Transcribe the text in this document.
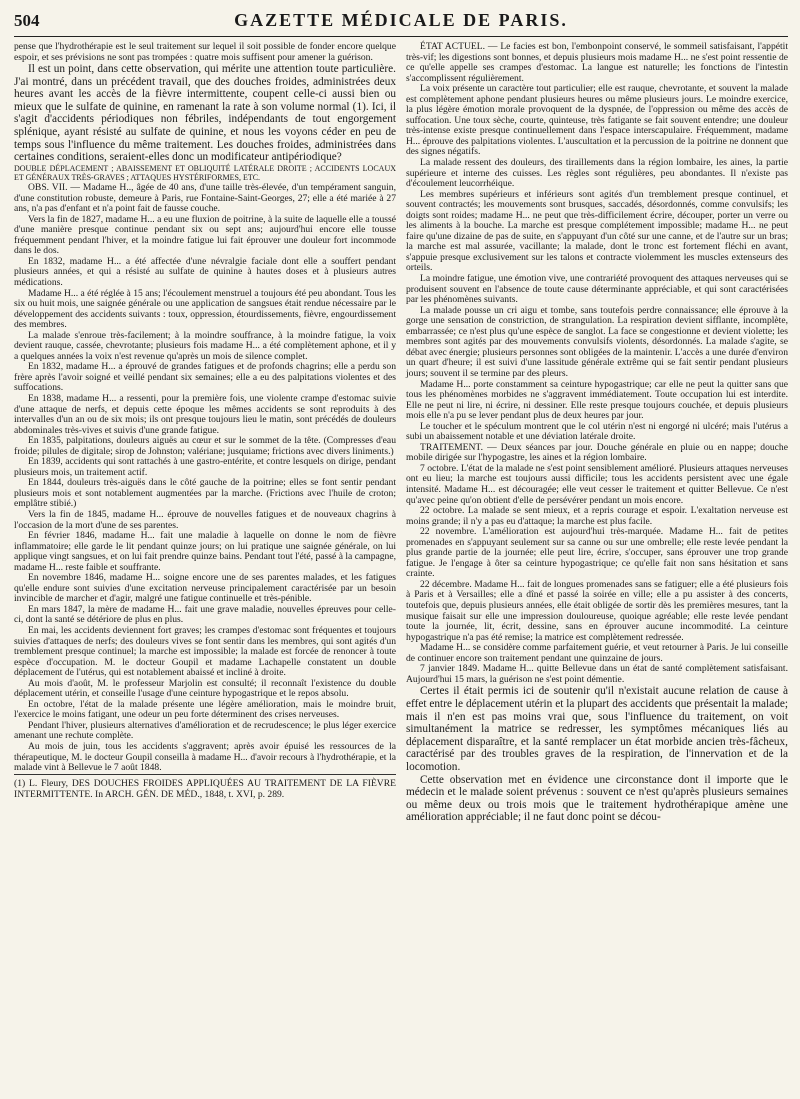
504	GAZETTE MÉDICALE DE PARIS.

pense que l'hydrothérapie est le seul traitement sur lequel il soit possible de fonder encore quelque espoir, et ses prévisions ne sont pas trompées : quatre mois suffisent pour amener la guérison.

Il est un point, dans cette observation, qui mérite une attention toute particulière. J'ai montré, dans un précédent travail, que des douches froides, administrées deux heures avant les accès de la fièvre intermittente, coupent celle-ci aussi bien ou mieux que le sulfate de quinine, en ramenant la rate à son volume normal (1). Ici, il s'agit d'accidents périodiques non fébriles, indépendants de tout engorgement splénique, ayant résisté au sulfate de quinine, et nous les voyons céder en peu de temps sous l'influence du même traitement. Les douches froides, administrées dans certaines conditions, seraient-elles donc un modificateur antipériodique?

DOUBLE DÉPLACEMENT ; ABAISSEMENT ET OBLIQUITÉ LATÉRALE DROITE ; ACCIDENTS LOCAUX ET GÉNÉRAUX TRÈS-GRAVES ; ATTAQUES HYSTÉRIFORMES, ETC.

OBS. VII. — Madame H.., âgée de 40 ans, d'une taille très-élevée, d'un tempérament sanguin, d'une constitution robuste, demeure à Paris, rue Fontaine-Saint-Georges, 27; elle a été mariée à 27 ans, n'a pas d'enfant et n'a point fait de fausse couche.

Vers la fin de 1827, madame H... a eu une fluxion de poitrine, à la suite de laquelle elle a toussé d'une manière presque continue pendant six ou sept ans; aujourd'hui encore elle tousse fréquemment pendant l'hiver, et la moindre fatigue lui fait éprouver une douleur fort incommode dans le dos.

En 1832, madame H... a été affectée d'une névralgie faciale dont elle a souffert pendant plusieurs années, et qui a résisté au sulfate de quinine à hautes doses et à plusieurs autres médications.

Madame H... a été réglée à 15 ans; l'écoulement menstruel a toujours été peu abondant. Tous les six ou huit mois, une saignée générale ou une application de sangsues était rendue nécessaire par le développement des accidents suivants : toux, oppression, étourdissements, fièvre, engourdissement des membres.

La malade s'enroue très-facilement; à la moindre souffrance, à la moindre fatigue, la voix devient rauque, cassée, chevrotante; plusieurs fois madame H... a été complètement aphone, et il y a quelques années la voix n'est revenue qu'après un mois de silence complet.

En 1832, madame H... a éprouvé de grandes fatigues et de profonds chagrins; elle a perdu son frère après l'avoir soigné et veillé pendant six semaines; elle a eu des palpitations violentes et des suffocations.

En 1838, madame H... a ressenti, pour la première fois, une violente crampe d'estomac suivie d'une attaque de nerfs, et depuis cette époque les mêmes accidents se sont reproduits à des intervalles d'un an ou de six mois; ils ont presque toujours lieu le matin, sont précédés de douleurs abdominales très-vives et suivis d'une grande fatigue.

En 1835, palpitations, douleurs aiguës au cœur et sur le sommet de la tête. (Compresses d'eau froide; pilules de digitale; sirop de Johnston; valériane; jusquiame; frictions avec divers liniments.)

En 1839, accidents qui sont rattachés à une gastro-entérite, et contre lesquels on dirige, pendant plusieurs mois, un traitement actif.

En 1844, douleurs très-aiguës dans le côté gauche de la poitrine; elles se font sentir pendant plusieurs mois et sont notablement augmentées par la marche. (Frictions avec l'huile de croton; emplâtre stibié.)

Vers la fin de 1845, madame H... éprouve de nouvelles fatigues et de nouveaux chagrins à l'occasion de la mort d'une de ses parentes.

En février 1846, madame H... fait une maladie à laquelle on donne le nom de fièvre inflammatoire; elle garde le lit pendant quinze jours; on lui pratique une saignée générale, on lui applique vingt sangsues, et on lui fait prendre quinze bains. Pendant tout l'été, passé à la campagne, madame H... reste faible et souffrante.

En novembre 1846, madame H... soigne encore une de ses parentes malades, et les fatigues qu'elle endure sont suivies d'une excitation nerveuse principalement caractérisée par un besoin invincible de marcher et d'agir, malgré une fatigue continuelle et très-pénible.

En mars 1847, la mère de madame H... fait une grave maladie, nouvelles épreuves pour celle-ci, dont la santé se détériore de plus en plus.

En mai, les accidents deviennent fort graves; les crampes d'estomac sont fréquentes et toujours suivies d'attaques de nerfs; des douleurs vives se font sentir dans les membres, qui sont agités d'un tremblement presque continuel; la marche est impossible; la malade est forcée de renoncer à toute espèce d'occupation. M. le docteur Goupil et madame Lachapelle constatent un double déplacement de l'utérus, qui est notablement abaissé et incliné à droite.

Au mois d'août, M. le professeur Marjolin est consulté; il reconnaît l'existence du double déplacement utérin, et conseille l'usage d'une ceinture hypogastrique et le repos absolu.

En octobre, l'état de la malade présente une légère amélioration, mais le moindre bruit, l'exercice le moins fatigant, une odeur un peu forte déterminent des crises nerveuses.

Pendant l'hiver, plusieurs alternatives d'amélioration et de recrudescence; le plus léger exercice amenant une rechute complète.

Au mois de juin, tous les accidents s'aggravent; après avoir épuisé les ressources de la thérapeutique, M. le docteur Goupil conseilla à madame H... d'avoir recours à l'hydrothérapie, et la malade vint à Bellevue le 7 août 1848.

(1) L. Fleury, DES DOUCHES FROIDES APPLIQUÉES AU TRAITEMENT DE LA FIÈVRE INTERMITTENTE. In ARCH. GÉN. DE MÉD., 1848, t. XVI, p. 289.

ÉTAT ACTUEL. — Le facies est bon, l'embonpoint conservé, le sommeil satisfaisant, l'appétit très-vif; les digestions sont bonnes, et depuis plusieurs mois madame H... ne s'est point ressentie de ce qu'elle appelle ses crampes d'estomac. La langue est naturelle; les fonctions de l'intestin s'accomplissent régulièrement.

La voix présente un caractère tout particulier; elle est rauque, chevrotante, et souvent la malade est complètement aphone pendant plusieurs heures ou même plusieurs jours. Le moindre exercice, la plus légère émotion morale provoquent de la dyspnée, de l'oppression ou même des accès de suffocation. Une toux sèche, courte, quinteuse, très fatigante se fait souvent entendre; une douleur très-intense existe presque continuellement dans l'espace interscapulaire. Fréquemment, madame H... éprouve des palpitations violentes. L'auscultation et la percussion de la poitrine ne donnent que des signes négatifs.

La malade ressent des douleurs, des tiraillements dans la région lombaire, les aines, la partie supérieure et interne des cuisses. Les règles sont régulières, peu abondantes. Il n'existe pas d'écoulement leucorrhéique.

Les membres supérieurs et inférieurs sont agités d'un tremblement presque continuel, et souvent contractés; les mouvements sont brusques, saccadés, désordonnés, comme convulsifs; les doigts sont roides; madame H... ne peut que très-difficilement écrire, découper, porter un verre ou les aliments à la bouche. La marche est presque complétement impossible; madame H... ne peut faire qu'une dizaine de pas de suite, en s'appuyant d'un côté sur une canne, et de l'autre sur un bras; la marche est mal assurée, vacillante; la malade, dont le tronc est fortement fléchi en avant, s'appuie presque exclusivement sur les talons et contracte violemment les muscles extenseurs des orteils.

La moindre fatigue, une émotion vive, une contrariété provoquent des attaques nerveuses qui se produisent souvent en l'absence de toute cause déterminante appréciable, et qui sont caractérisées par les phénomènes suivants.

La malade pousse un cri aigu et tombe, sans toutefois perdre connaissance; elle éprouve à la gorge une sensation de constriction, de strangulation. La respiration devient sifflante, incomplète, embarrassée; ce n'est plus qu'une espèce de sanglot. La face se congestionne et devient violette; les membres sont agités par des mouvements convulsifs violents, désordonnés. La malade s'agite, se débat avec énergie; plusieurs personnes sont obligées de la maintenir. L'accès a une durée d'environ un quart d'heure; il est suivi d'une lassitude générale extrême qui se fait sentir pendant plusieurs jours; souvent il se termine par des pleurs.

Madame H... porte constamment sa ceinture hypogastrique; car elle ne peut la quitter sans que tous les phénomènes morbides ne s'aggravent immédiatement. Toute occupation lui est interdite. Elle ne peut ni lire, ni écrire, ni dessiner. Elle reste presque toujours couchée, et depuis plusieurs mois elle n'a pu se lever pendant plus de deux heures par jour.

Le toucher et le spéculum montrent que le col utérin n'est ni engorgé ni ulcéré; mais l'utérus a subi un abaissement notable et une déviation latérale droite.

TRAITEMENT. — Deux séances par jour. Douche générale en pluie ou en nappe; douche mobile dirigée sur l'hypogastre, les aines et la région lombaire.

7 octobre. L'état de la malade ne s'est point sensiblement amélioré. Plusieurs attaques nerveuses ont eu lieu; la marche est toujours aussi difficile; tous les accidents persistent avec une égale intensité. Madame H... est découragée; elle veut cesser le traitement et quitter Bellevue. Ce n'est qu'avec peine qu'on obtient d'elle de persévérer pendant un mois encore.

22 octobre. La malade se sent mieux, et a repris courage et espoir. L'exaltation nerveuse est moins grande; il n'y a pas eu d'attaque; la marche est plus facile.

22 novembre. L'amélioration est aujourd'hui très-marquée. Madame H... fait de petites promenades en s'appuyant seulement sur sa canne ou sur une ombrelle; elle reste levée pendant la plus grande partie de la journée; elle peut lire, écrire, s'occuper, sans éprouver une trop grande fatigue. Je l'engage à ôter sa ceinture hypogastrique; ce qu'elle fait non sans hésitation et sans crainte.

22 décembre. Madame H... fait de longues promenades sans se fatiguer; elle a été plusieurs fois à Paris et à Versailles; elle a dîné et passé la soirée en ville; elle a pu assister à des concerts, toutefois que, depuis plusieurs années, elle était obligée de sortir dès les premières mesures, tant la musique faisait sur elle une impression douloureuse, quoique agréable; elle reste levée pendant toute la journée, lit, écrit, dessine, sans en éprouver aucune incommodité. La ceinture hypogastrique n'a pas été remise; la matrice est complètement redressée.

Madame H... se considère comme parfaitement guérie, et veut retourner à Paris. Je lui conseille de continuer encore son traitement pendant une quinzaine de jours.

7 janvier 1849. Madame H... quitte Bellevue dans un état de santé complètement satisfaisant. Aujourd'hui 15 mars, la guérison ne s'est point démentie.

Certes il était permis ici de soutenir qu'il n'existait aucune relation de cause à effet entre le déplacement utérin et la plupart des accidents que présentait la malade; mais il n'en est pas moins vrai que, sous l'influence du traitement, on voit simultanément la matrice se redresser, les symptômes mécaniques liés au déplacement disparaître, et la santé remplacer un état morbide ancien très-fâcheux, caractérisé par des troubles graves de la respiration, de l'innervation et de la locomotion.

Cette observation met en évidence une circonstance dont il importe que le médecin et le malade soient prévenus : souvent ce n'est qu'après plusieurs semaines ou même deux ou trois mois que le traitement hydrothérapique amène une amélioration appréciable; il ne faut donc point se décou-
